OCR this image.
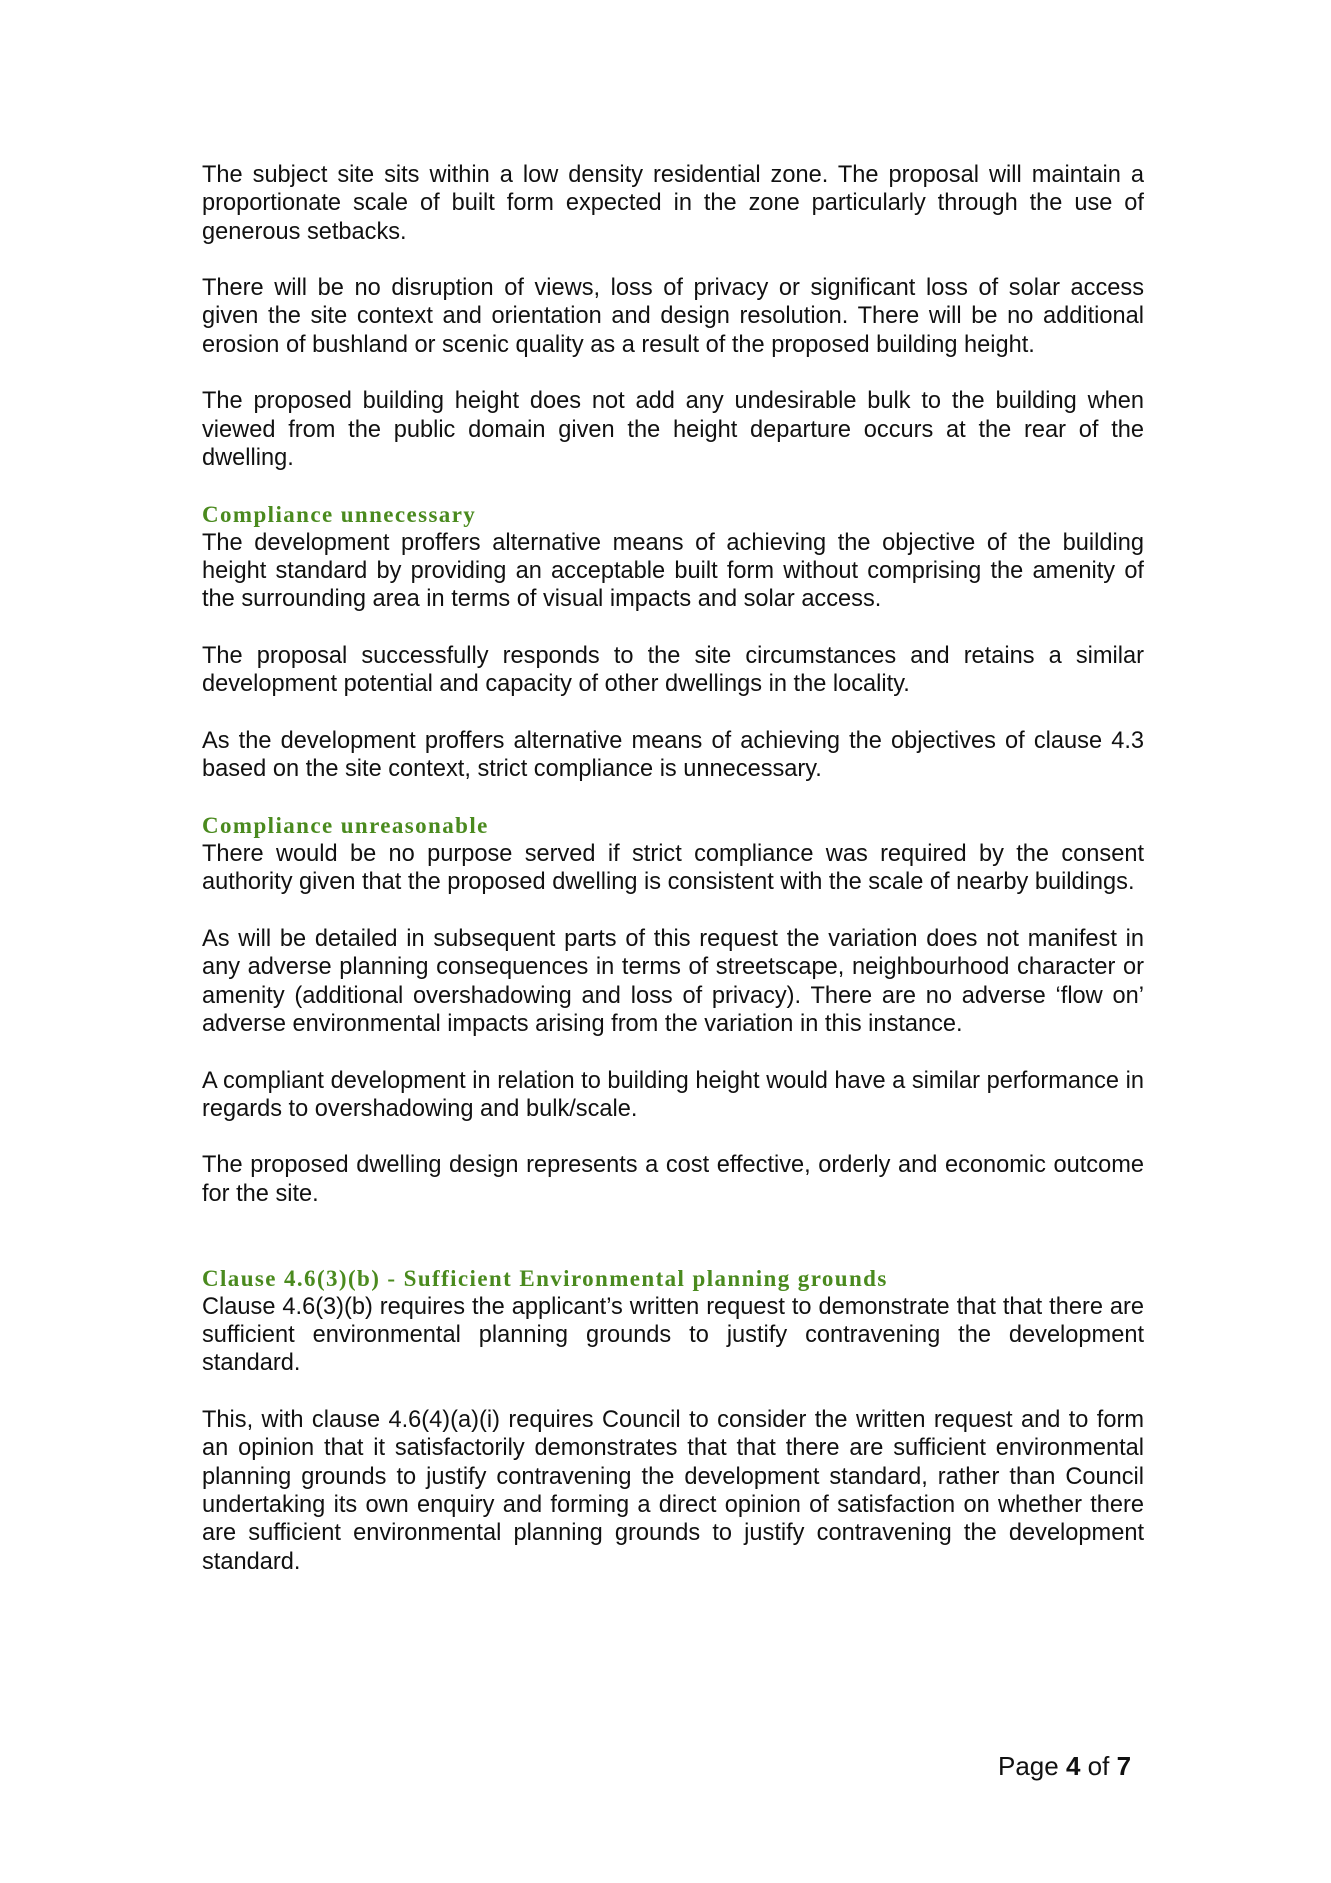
The subject site sits within a low density residential zone. The proposal will maintain a proportionate scale of built form expected in the zone particularly through the use of generous setbacks.

There will be no disruption of views, loss of privacy or significant loss of solar access given the site context and orientation and design resolution. There will be no additional erosion of bushland or scenic quality as a result of the proposed building height.

The proposed building height does not add any undesirable bulk to the building when viewed from the public domain given the height departure occurs at the rear of the dwelling.

Compliance unnecessary

The development proffers alternative means of achieving the objective of the building height standard by providing an acceptable built form without comprising the amenity of the surrounding area in terms of visual impacts and solar access.

The proposal successfully responds to the site circumstances and retains a similar development potential and capacity of other dwellings in the locality.

As the development proffers alternative means of achieving the objectives of clause 4.3 based on the site context, strict compliance is unnecessary.

Compliance unreasonable

There would be no purpose served if strict compliance was required by the consent authority given that the proposed dwelling is consistent with the scale of nearby buildings.

As will be detailed in subsequent parts of this request the variation does not manifest in any adverse planning consequences in terms of streetscape, neighbourhood character or amenity (additional overshadowing and loss of privacy). There are no adverse ‘flow on’ adverse environmental impacts arising from the variation in this instance.

A compliant development in relation to building height would have a similar performance in regards to overshadowing and bulk/scale.

The proposed dwelling design represents a cost effective, orderly and economic outcome for the site.

Clause 4.6(3)(b) - Sufficient Environmental planning grounds

Clause 4.6(3)(b) requires the applicant’s written request to demonstrate that that there are sufficient environmental planning grounds to justify contravening the development standard.

This, with clause 4.6(4)(a)(i) requires Council to consider the written request and to form an opinion that it satisfactorily demonstrates that that there are sufficient environmental planning grounds to justify contravening the development standard, rather than Council undertaking its own enquiry and forming a direct opinion of satisfaction on whether there are sufficient environmental planning grounds to justify contravening the development standard.

Page 4 of 7
